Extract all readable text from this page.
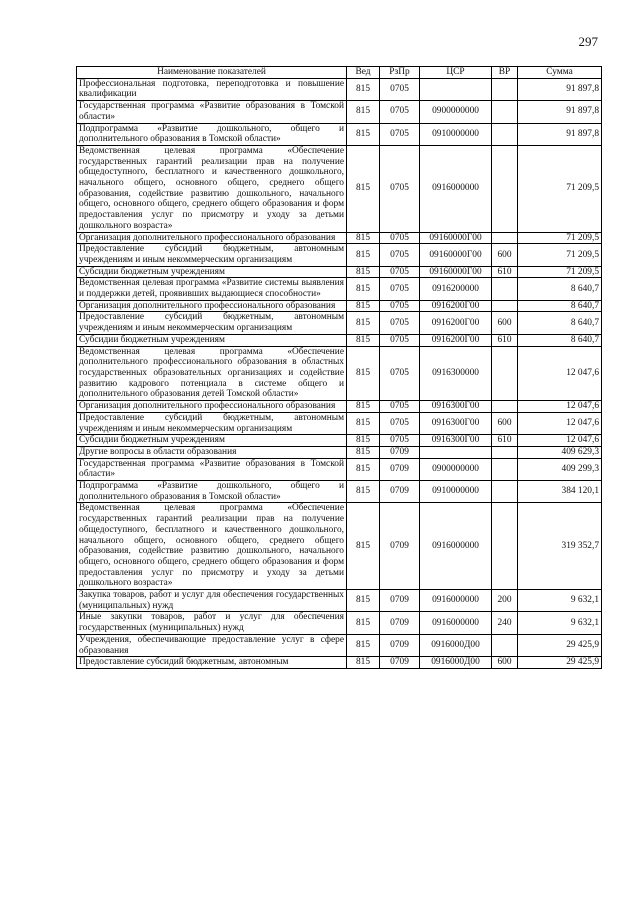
297
Наименование показателей	Вед	РзПр	ЦСР	ВР	Сумма
Профессиональная подготовка, переподготовка и повышение квалификации	815	0705			91 897,8
Государственная программа «Развитие образования в Томской области»	815	0705	0900000000		91 897,8
Подпрограмма «Развитие дошкольного, общего и дополнительного образования в Томской области»	815	0705	0910000000		91 897,8
Ведомственная целевая программа «Обеспечение государственных гарантий реализации прав на получение общедоступного, бесплатного и качественного дошкольного, начального общего, основного общего, среднего общего образования, содействие развитию дошкольного, начального общего, основного общего, среднего общего образования и форм предоставления услуг по присмотру и уходу за детьми дошкольного возраста»	815	0705	0916000000		71 209,5
Организация дополнительного профессионального образования	815	0705	09160000Г00		71 209,5
Предоставление субсидий бюджетным, автономным учреждениям и иным некоммерческим организациям	815	0705	09160000Г00	600	71 209,5
Субсидии бюджетным учреждениям	815	0705	09160000Г00	610	71 209,5
Ведомственная целевая программа «Развитие системы выявления и поддержки детей, проявивших выдающиеся способности»	815	0705	0916200000		8 640,7
Организация дополнительного профессионального образования	815	0705	0916200Г00		8 640,7
Предоставление субсидий бюджетным, автономным учреждениям и иным некоммерческим организациям	815	0705	0916200Г00	600	8 640,7
Субсидии бюджетным учреждениям	815	0705	0916200Г00	610	8 640,7
Ведомственная целевая программа «Обеспечение дополнительного профессионального образования в областных государственных образовательных организациях и содействие развитию кадрового потенциала в системе общего и дополнительного образования детей Томской области»	815	0705	0916300000		12 047,6
Организация дополнительного профессионального образования	815	0705	0916300Г00		12 047,6
Предоставление субсидий бюджетным, автономным учреждениям и иным некоммерческим организациям	815	0705	0916300Г00	600	12 047,6
Субсидии бюджетным учреждениям	815	0705	0916300Г00	610	12 047,6
Другие вопросы в области образования	815	0709			409 629,3
Государственная программа «Развитие образования в Томской области»	815	0709	0900000000		409 299,3
Подпрограмма «Развитие дошкольного, общего и дополнительного образования в Томской области»	815	0709	0910000000		384 120,1
Ведомственная целевая программа «Обеспечение государственных гарантий реализации прав на получение общедоступного, бесплатного и качественного дошкольного, начального общего, основного общего, среднего общего образования, содействие развитию дошкольного, начального общего, основного общего, среднего общего образования и форм предоставления услуг по присмотру и уходу за детьми дошкольного возраста»	815	0709	0916000000		319 352,7
Закупка товаров, работ и услуг для обеспечения государственных (муниципальных) нужд	815	0709	0916000000	200	9 632,1
Иные закупки товаров, работ и услуг для обеспечения государственных (муниципальных) нужд	815	0709	0916000000	240	9 632,1
Учреждения, обеспечивающие предоставление услуг в сфере образования	815	0709	0916000Д00		29 425,9
Предоставление субсидий бюджетным, автономным	815	0709	0916000Д00	600	29 425,9
